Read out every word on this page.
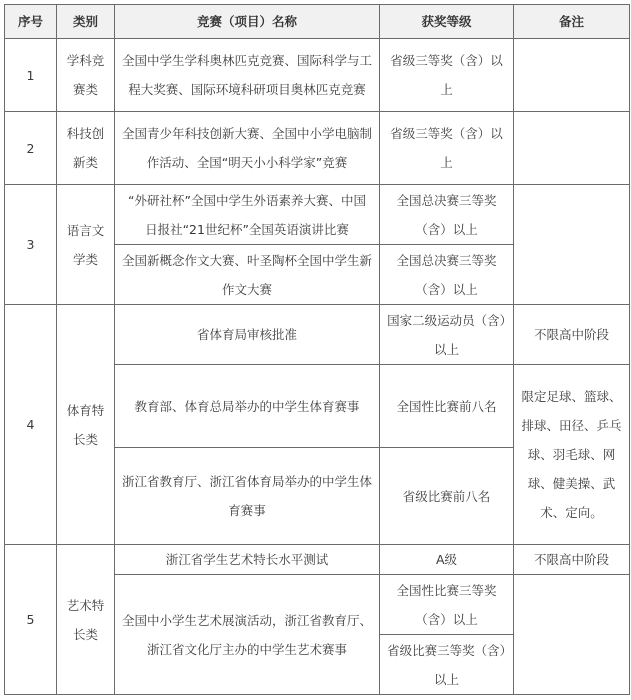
序号	类别	竞赛（项目）名称	获奖等级	备注
1	学科竞赛类	全国中学生学科奥林匹克竞赛、国际科学与工程大奖赛、国际环境科研项目奥林匹克竞赛	省级三等奖（含）以上	
2	科技创新类	全国青少年科技创新大赛、全国中小学电脑制作活动、全国“明天小小科学家”竞赛	省级三等奖（含）以上	
3	语言文学类	“外研社杯”全国中学生外语素养大赛、中国日报社“21世纪杯”全国英语演讲比赛	全国总决赛三等奖（含）以上	
		全国新概念作文大赛、叶圣陶杯全国中学生新作文大赛	全国总决赛三等奖（含）以上	
4	体育特长类	省体育局审核批准	国家二级运动员（含）以上	不限高中阶段
		教育部、体育总局举办的中学生体育赛事	全国性比赛前八名	限定足球、篮球、排球、田径、乒乓球、羽毛球、网球、健美操、武术、定向。
		浙江省教育厅、浙江省体育局举办的中学生体育赛事	省级比赛前八名	
5	艺术特长类	浙江省学生艺术特长水平测试	A级	不限高中阶段
		全国中小学生艺术展演活动，浙江省教育厅、浙江省文化厅主办的中学生艺术赛事	全国性比赛三等奖（含）以上	
			省级比赛三等奖（含）以上	
